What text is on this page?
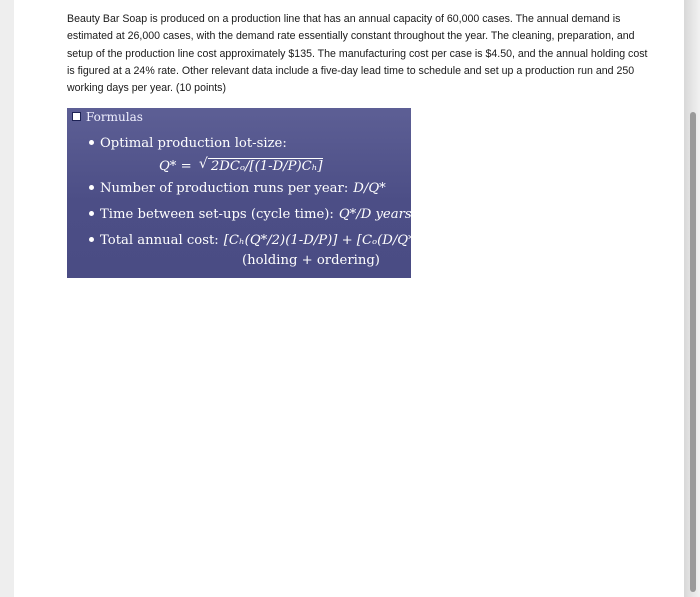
Beauty Bar Soap is produced on a production line that has an annual capacity of 60,000 cases. The annual demand is estimated at 26,000 cases, with the demand rate essentially constant throughout the year. The cleaning, preparation, and setup of the production line cost approximately $135. The manufacturing cost per case is $4.50, and the annual holding cost is figured at a 24% rate. Other relevant data include a five-day lead time to schedule and set up a production run and 250 working days per year. (10 points)

Formulas
Optimal production lot-size:
Q* = √ 2DCₒ/[(1-D/P)Cₕ]
Number of production runs per year: D/Q*
Time between set-ups (cycle time): Q*/D years
Total annual cost: [Cₕ(Q*/2)(1-D/P)] + [Cₒ(D/Q*)]
(holding + ordering)
